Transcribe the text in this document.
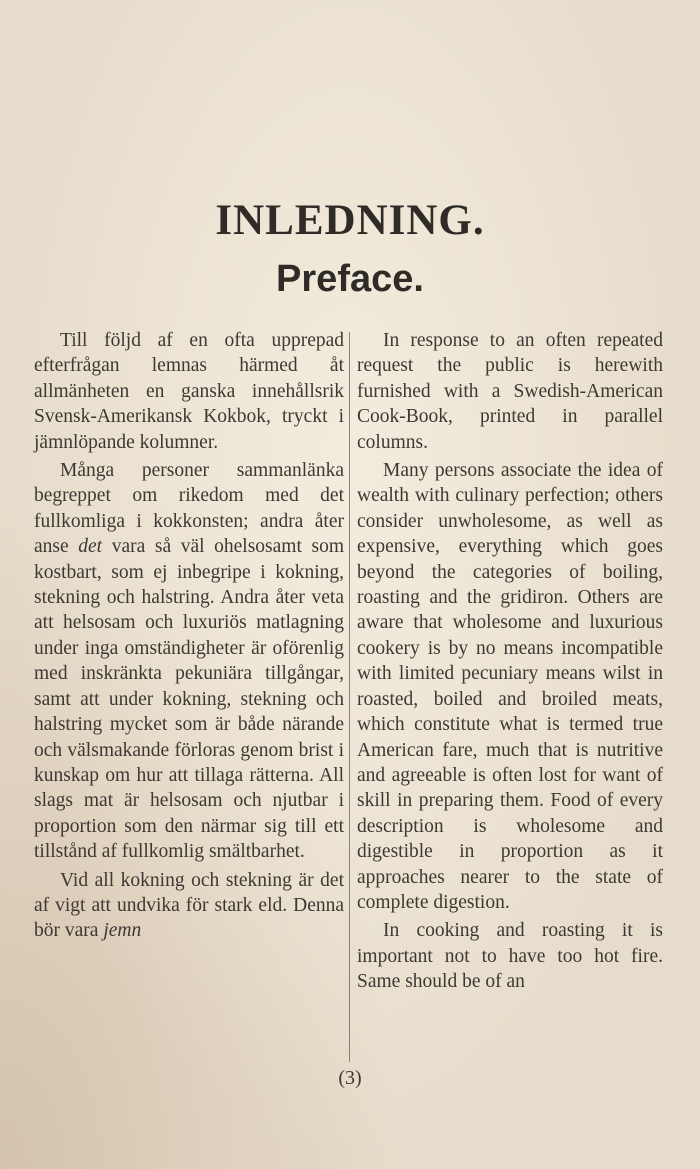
INLEDNING.
Preface.

Till följd af en ofta upprepad efterfrågan lemnas härmed åt allmänheten en ganska innehållsrik Svensk-Amerikansk Kokbok, tryckt i jämnlöpande kolumner.

Många personer sammanlänka begreppet om rikedom med det fullkomliga i kokkonsten; andra åter anse det vara så väl ohelsosamt som kostbart, som ej inbegripe i kokning, stekning och halstring. Andra åter veta att helsosam och luxuriös matlagning under inga omständigheter är oförenlig med inskränkta pekuniära tillgångar, samt att under kokning, stekning och halstring mycket som är både närande och välsmakande förloras genom brist i kunskap om hur att tillaga rätterna. All slags mat är helsosam och njutbar i proportion som den närmar sig till ett tillstånd af fullkomlig smältbarhet.

Vid all kokning och stekning är det af vigt att undvika för stark eld. Denna bör vara jemn

In response to an often repeated request the public is herewith furnished with a Swedish-American Cook-Book, printed in parallel columns.

Many persons associate the idea of wealth with culinary perfection; others consider unwholesome, as well as expensive, everything which goes beyond the categories of boiling, roasting and the gridiron. Others are aware that wholesome and luxurious cookery is by no means incompatible with limited pecuniary means wilst in roasted, boiled and broiled meats, which constitute what is termed true American fare, much that is nutritive and agreeable is often lost for want of skill in preparing them. Food of every description is wholesome and digestible in proportion as it approaches nearer to the state of complete digestion.

In cooking and roasting it is important not to have too hot fire. Same should be of an

(3)
